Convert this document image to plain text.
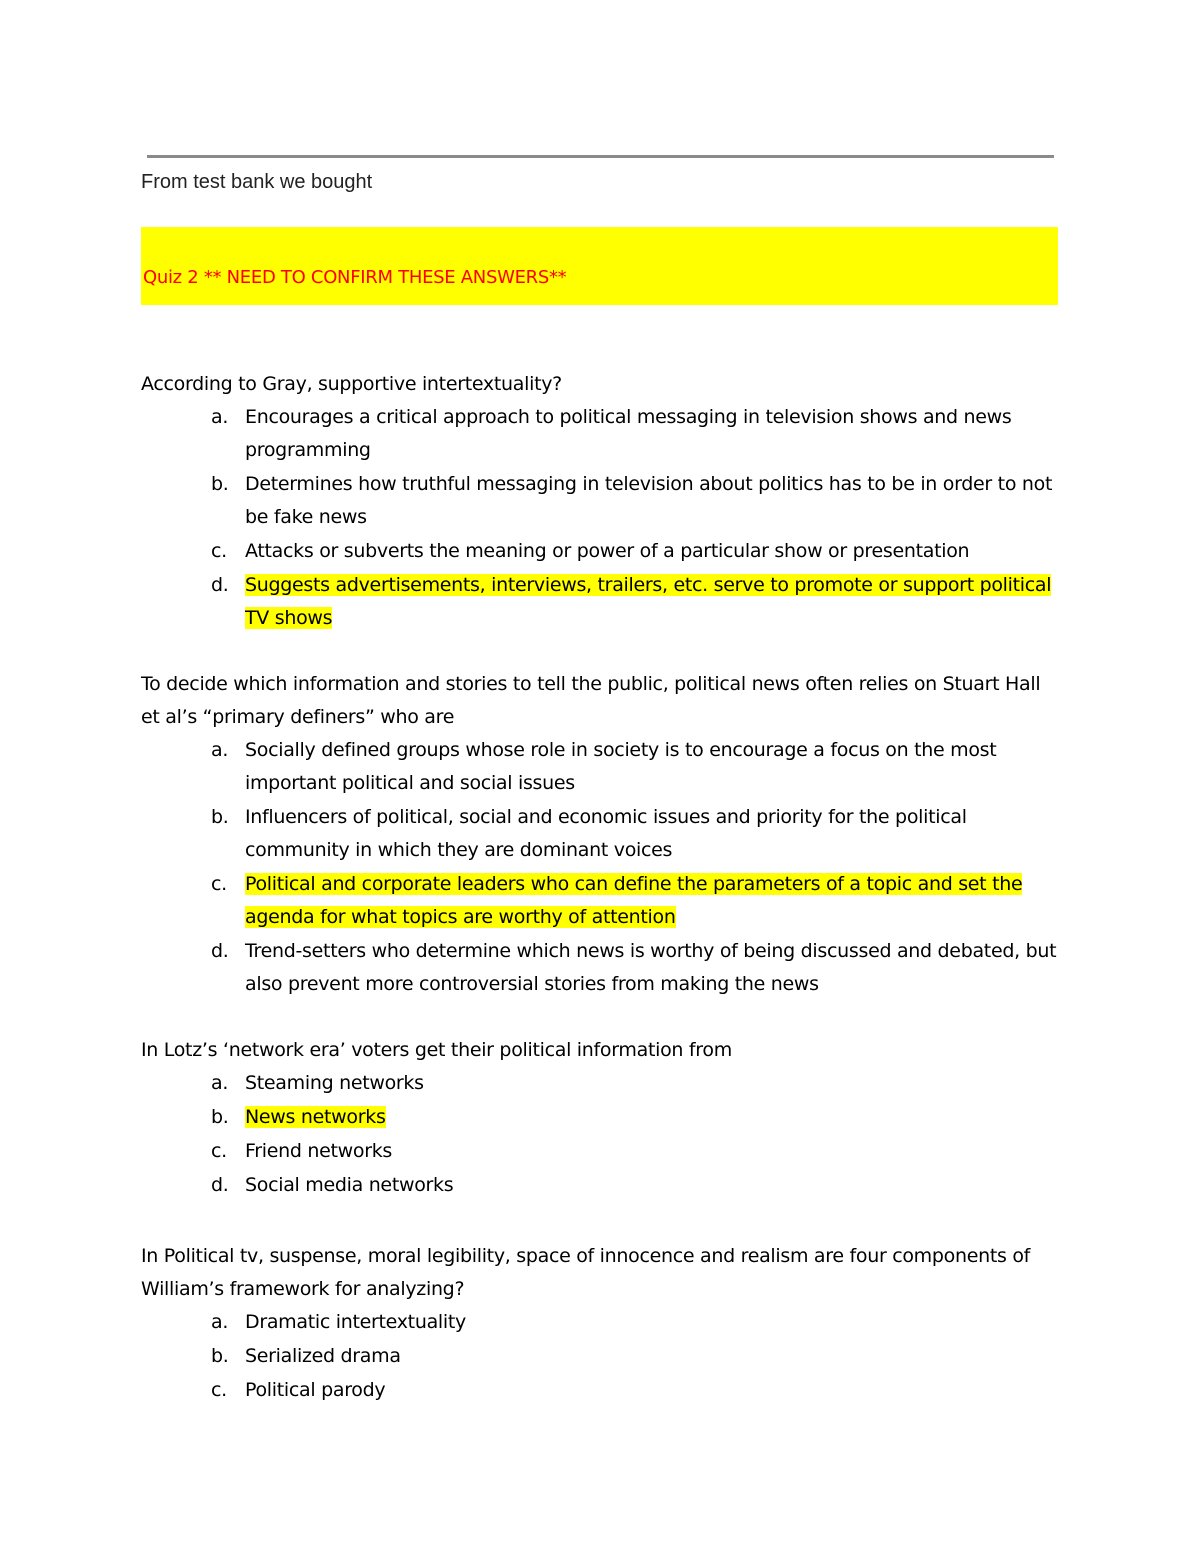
From test bank we bought
Quiz 2 ** NEED TO CONFIRM THESE ANSWERS**

According to Gray, supportive intertextuality?

a. Encourages a critical approach to political messaging in television shows and news programming
b. Determines how truthful messaging in television about politics has to be in order to not be fake news
c. Attacks or subverts the meaning or power of a particular show or presentation
d. Suggests advertisements, interviews, trailers, etc. serve to promote or support political TV shows

To decide which information and stories to tell the public, political news often relies on Stuart Hall et al’s “primary definers” who are

a. Socially defined groups whose role in society is to encourage a focus on the most important political and social issues
b. Influencers of political, social and economic issues and priority for the political community in which they are dominant voices
c. Political and corporate leaders who can define the parameters of a topic and set the agenda for what topics are worthy of attention
d. Trend-setters who determine which news is worthy of being discussed and debated, but also prevent more controversial stories from making the news

In Lotz’s ‘network era’ voters get their political information from

a. Steaming networks
b. News networks
c. Friend networks
d. Social media networks

In Political tv, suspense, moral legibility, space of innocence and realism are four components of William’s framework for analyzing?

a. Dramatic intertextuality
b. Serialized drama
c. Political parody
